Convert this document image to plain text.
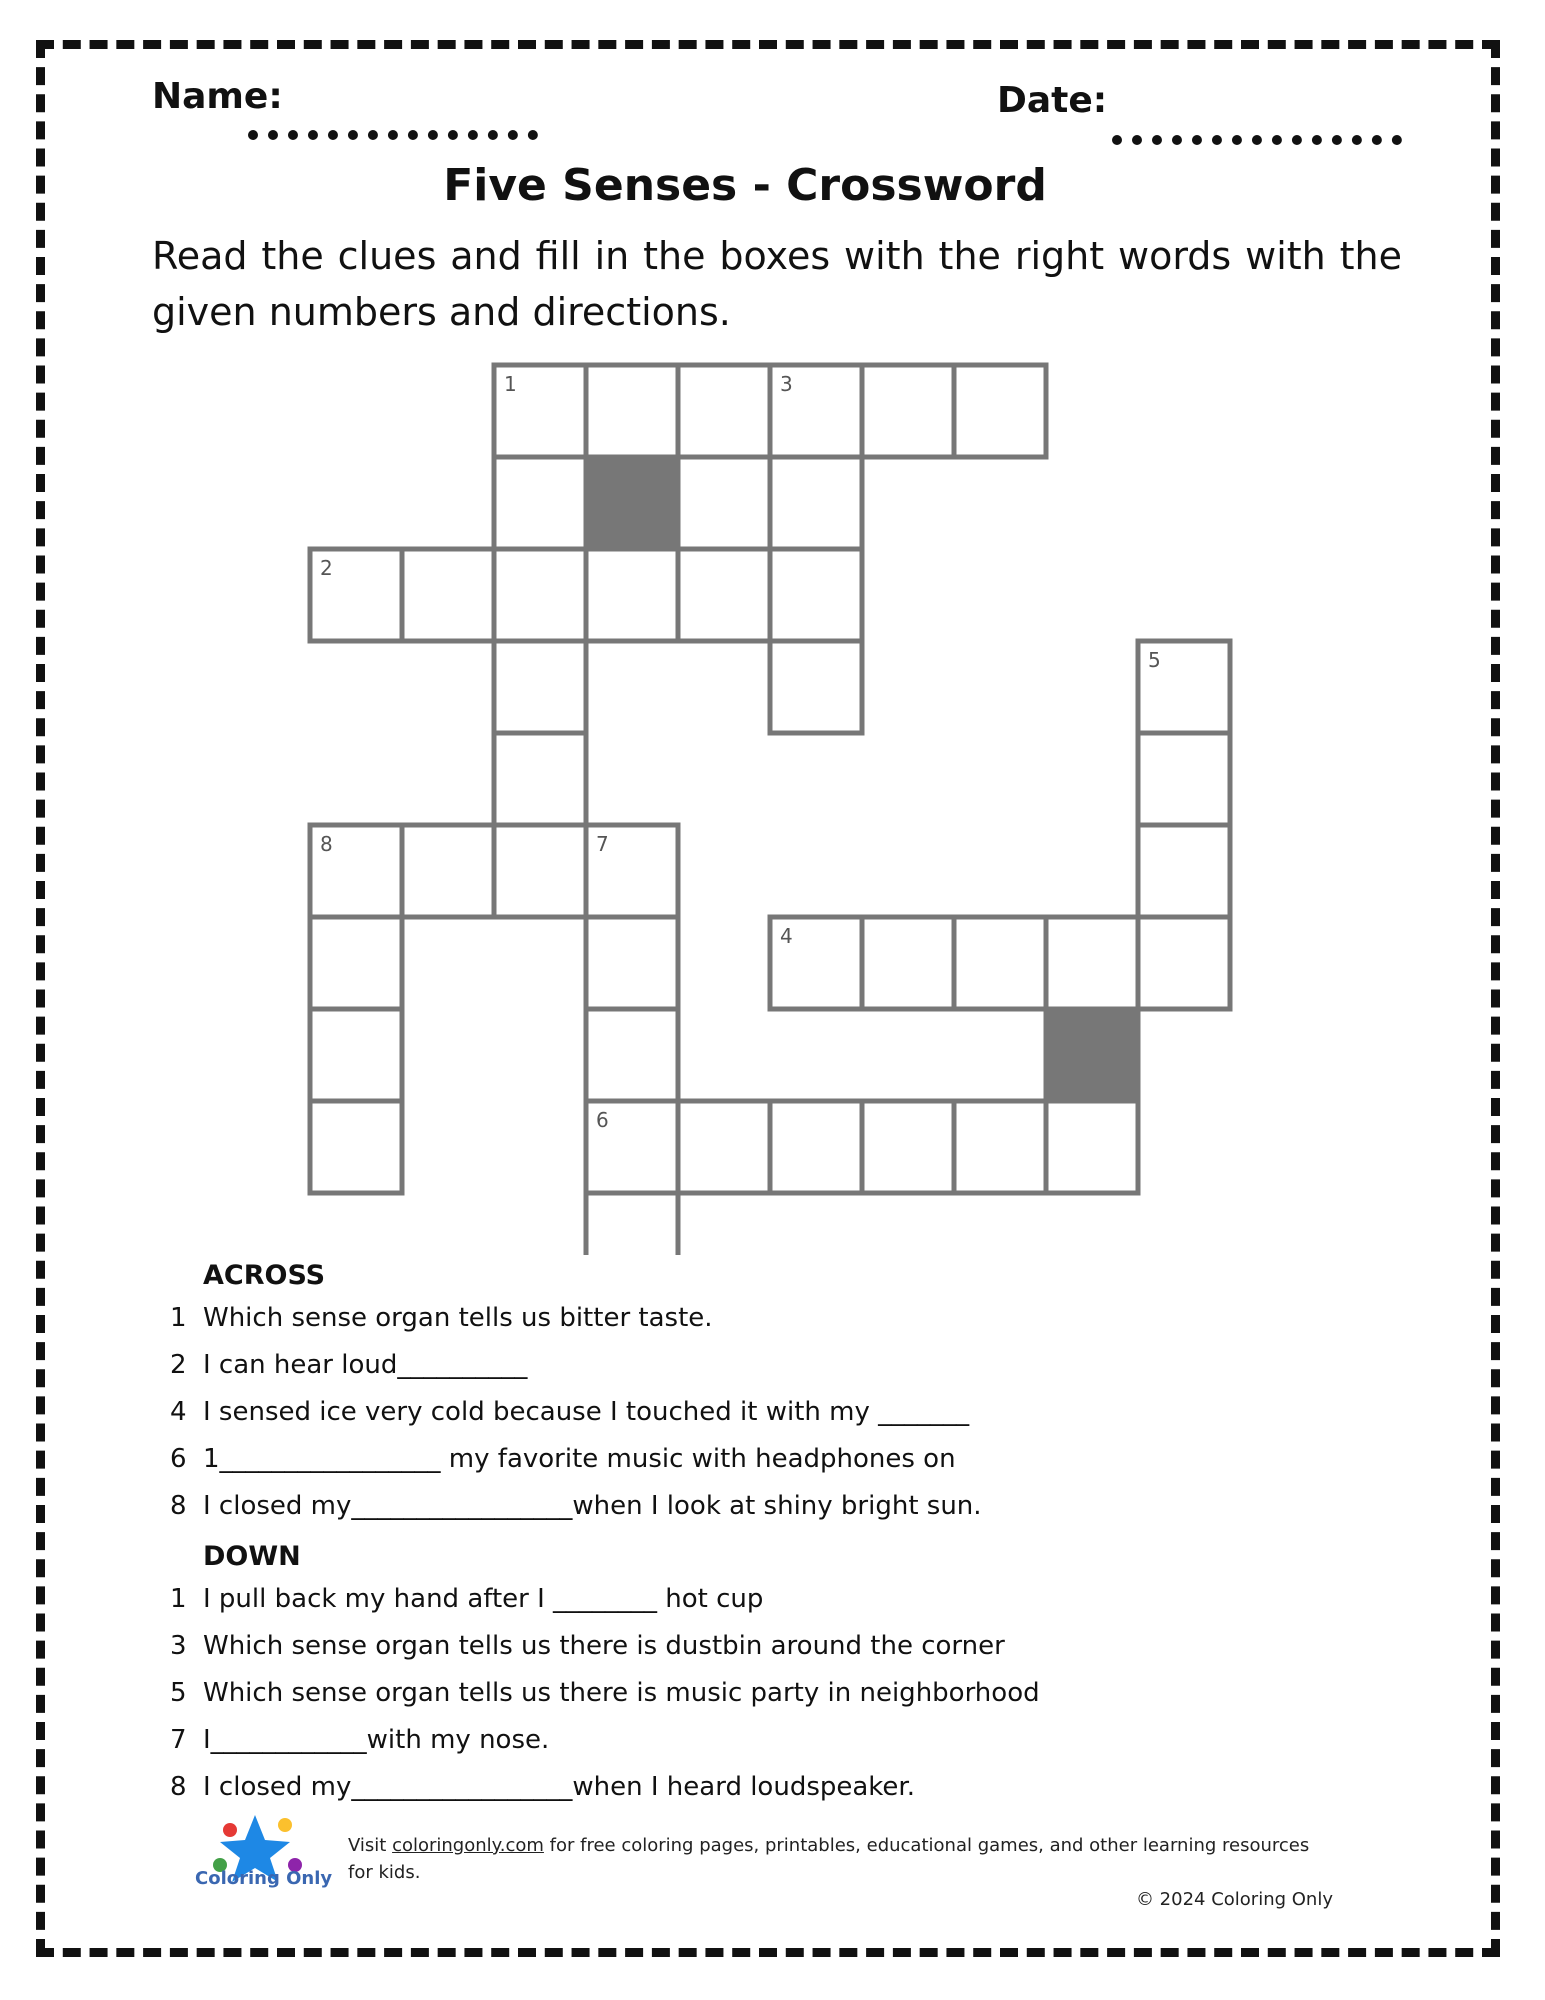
Name:	Date:
Five Senses - Crossword
Read the clues and fill in the boxes with the right words with the given numbers and directions.
1	3
2
5
8	7
4
6
ACROSS
1 Which sense organ tells us bitter taste.
2 I can hear loud__________
4 I sensed ice very cold because I touched it with my _______
6 1_________________ my favorite music with headphones on
8 I closed my_________________when I look at shiny bright sun.
DOWN
1 I pull back my hand after I ________ hot cup
3 Which sense organ tells us there is dustbin around the corner
5 Which sense organ tells us there is music party in neighborhood
7 I____________with my nose.
8 I closed my_________________when I heard loudspeaker.
Coloring Only
Visit coloringonly.com for free coloring pages, printables, educational games, and other learning resources for kids.
© 2024 Coloring Only
